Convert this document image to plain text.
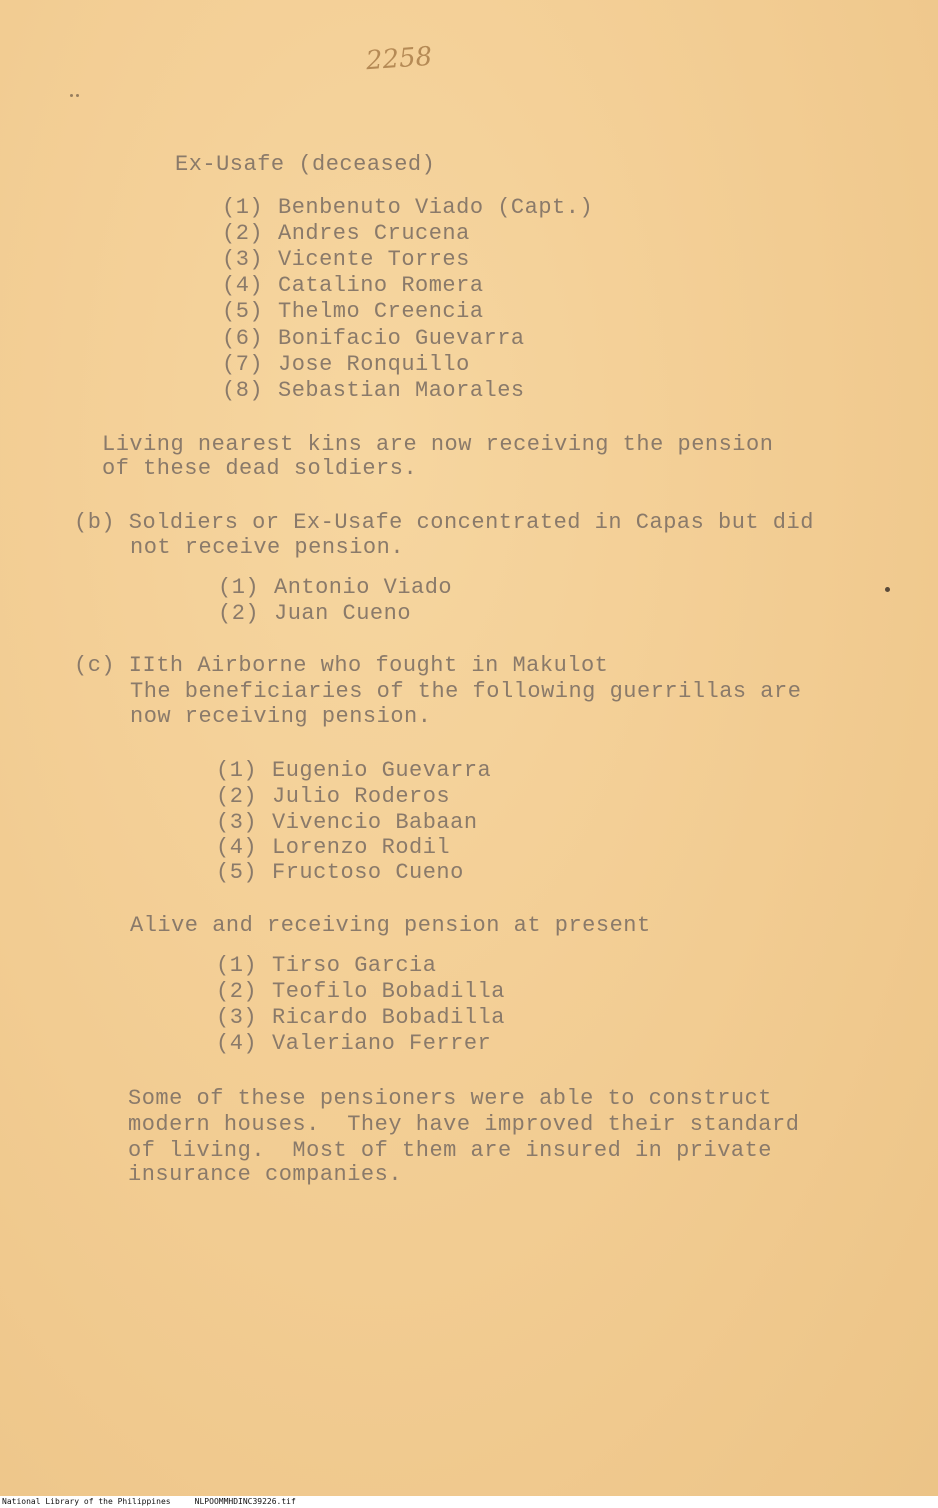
2258
Ex-Usafe (deceased)
(1) Benbenuto Viado (Capt.)
(2) Andres Crucena
(3) Vicente Torres
(4) Catalino Romera
(5) Thelmo Creencia
(6) Bonifacio Guevarra
(7) Jose Ronquillo
(8) Sebastian Maorales
Living nearest kins are now receiving the pension
of these dead soldiers.
(b) Soldiers or Ex-Usafe concentrated in Capas but did
not receive pension.
(1) Antonio Viado
(2) Juan Cueno
(c) IIth Airborne who fought in Makulot
The beneficiaries of the following guerrillas are
now receiving pension.
(1) Eugenio Guevarra
(2) Julio Roderos
(3) Vivencio Babaan
(4) Lorenzo Rodil
(5) Fructoso Cueno
Alive and receiving pension at present
(1) Tirso Garcia
(2) Teofilo Bobadilla
(3) Ricardo Bobadilla
(4) Valeriano Ferrer
Some of these pensioners were able to construct
modern houses.  They have improved their standard
of living.  Most of them are insured in private
insurance companies.
National Library of the Philippines	NLPOOMMHDINC39226.tif
